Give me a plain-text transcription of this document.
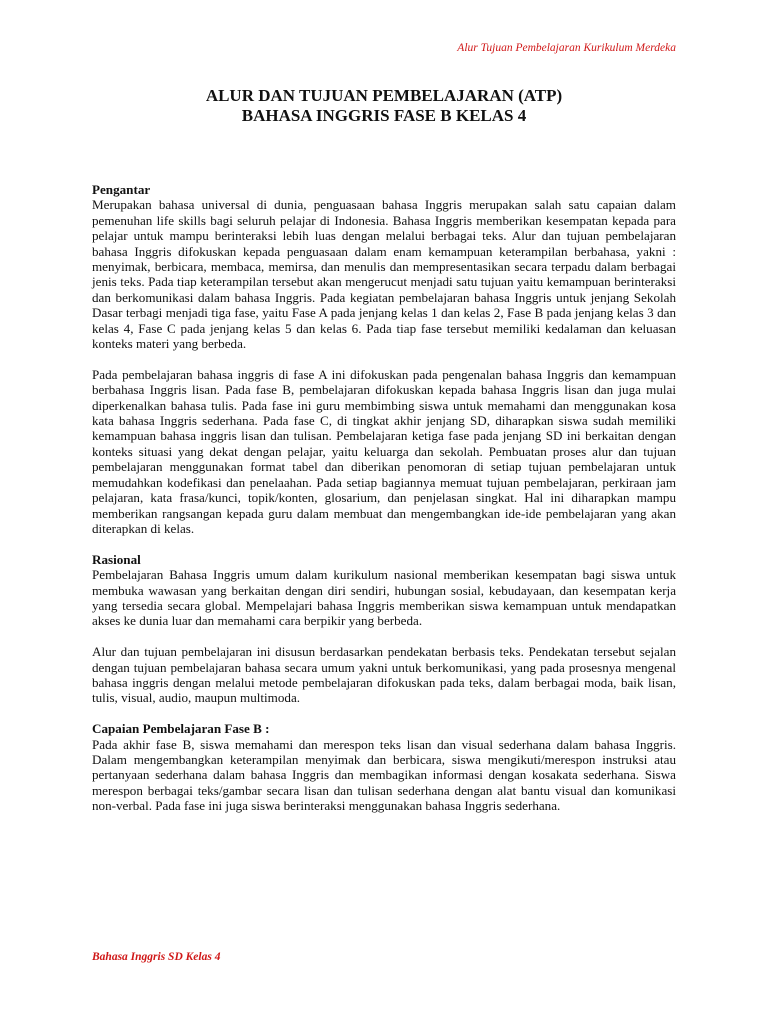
Alur Tujuan Pembelajaran Kurikulum Merdeka
ALUR DAN TUJUAN PEMBELAJARAN (ATP)
BAHASA INGGRIS FASE B KELAS 4
Pengantar

Merupakan bahasa universal di dunia, penguasaan bahasa Inggris merupakan salah satu capaian dalam pemenuhan life skills bagi seluruh pelajar di Indonesia. Bahasa Inggris memberikan kesempatan kepada para pelajar untuk mampu berinteraksi lebih luas dengan melalui berbagai teks. Alur dan tujuan pembelajaran bahasa Inggris difokuskan kepada penguasaan dalam enam kemampuan keterampilan berbahasa, yakni : menyimak, berbicara, membaca, memirsa, dan menulis dan mempresentasikan secara terpadu dalam berbagai jenis teks. Pada tiap keterampilan tersebut akan mengerucut menjadi satu tujuan yaitu kemampuan berinteraksi dan berkomunikasi dalam bahasa Inggris. Pada kegiatan pembelajaran bahasa Inggris untuk jenjang Sekolah Dasar terbagi menjadi tiga fase, yaitu Fase A pada jenjang kelas 1 dan kelas 2, Fase B pada jenjang kelas 3 dan kelas 4, Fase C pada jenjang kelas 5 dan kelas 6. Pada tiap fase tersebut memiliki kedalaman dan keluasan konteks materi yang berbeda.

Pada pembelajaran bahasa inggris di fase A ini difokuskan pada pengenalan bahasa Inggris dan kemampuan berbahasa Inggris lisan. Pada fase B, pembelajaran difokuskan kepada bahasa Inggris lisan dan juga mulai diperkenalkan bahasa tulis. Pada fase ini guru membimbing siswa untuk memahami dan menggunakan kosa kata bahasa Inggris sederhana. Pada fase C, di tingkat akhir jenjang SD, diharapkan siswa sudah memiliki kemampuan bahasa inggris lisan dan tulisan. Pembelajaran ketiga fase pada jenjang SD ini berkaitan dengan konteks situasi yang dekat dengan pelajar, yaitu keluarga dan sekolah. Pembuatan proses alur dan tujuan pembelajaran menggunakan format tabel dan diberikan penomoran di setiap tujuan pembelajaran untuk memudahkan kodefikasi dan penelaahan. Pada setiap bagiannya memuat tujuan pembelajaran, perkiraan jam pelajaran, kata frasa/kunci, topik/konten, glosarium, dan penjelasan singkat. Hal ini diharapkan mampu memberikan rangsangan kepada guru dalam membuat dan mengembangkan ide-ide pembelajaran yang akan diterapkan di kelas.

Rasional

Pembelajaran Bahasa Inggris umum dalam kurikulum nasional memberikan kesempatan bagi siswa untuk membuka wawasan yang berkaitan dengan diri sendiri, hubungan sosial, kebudayaan, dan kesempatan kerja yang tersedia secara global. Mempelajari bahasa Inggris memberikan siswa kemampuan untuk mendapatkan akses ke dunia luar dan memahami cara berpikir yang berbeda.

Alur dan tujuan pembelajaran ini disusun berdasarkan pendekatan berbasis teks. Pendekatan tersebut sejalan dengan tujuan pembelajaran bahasa secara umum yakni untuk berkomunikasi, yang pada prosesnya mengenal bahasa inggris dengan melalui metode pembelajaran difokuskan pada teks, dalam berbagai moda, baik lisan, tulis, visual, audio, maupun multimoda.

Capaian Pembelajaran Fase B :

Pada akhir fase B, siswa memahami dan merespon teks lisan dan visual sederhana dalam bahasa Inggris. Dalam mengembangkan keterampilan menyimak dan berbicara, siswa mengikuti/merespon instruksi atau pertanyaan sederhana dalam bahasa Inggris dan membagikan informasi dengan kosakata sederhana. Siswa merespon berbagai teks/gambar secara lisan dan tulisan sederhana dengan alat bantu visual dan komunikasi non-verbal. Pada fase ini juga siswa berinteraksi menggunakan bahasa Inggris sederhana.

Bahasa Inggris SD Kelas 4
